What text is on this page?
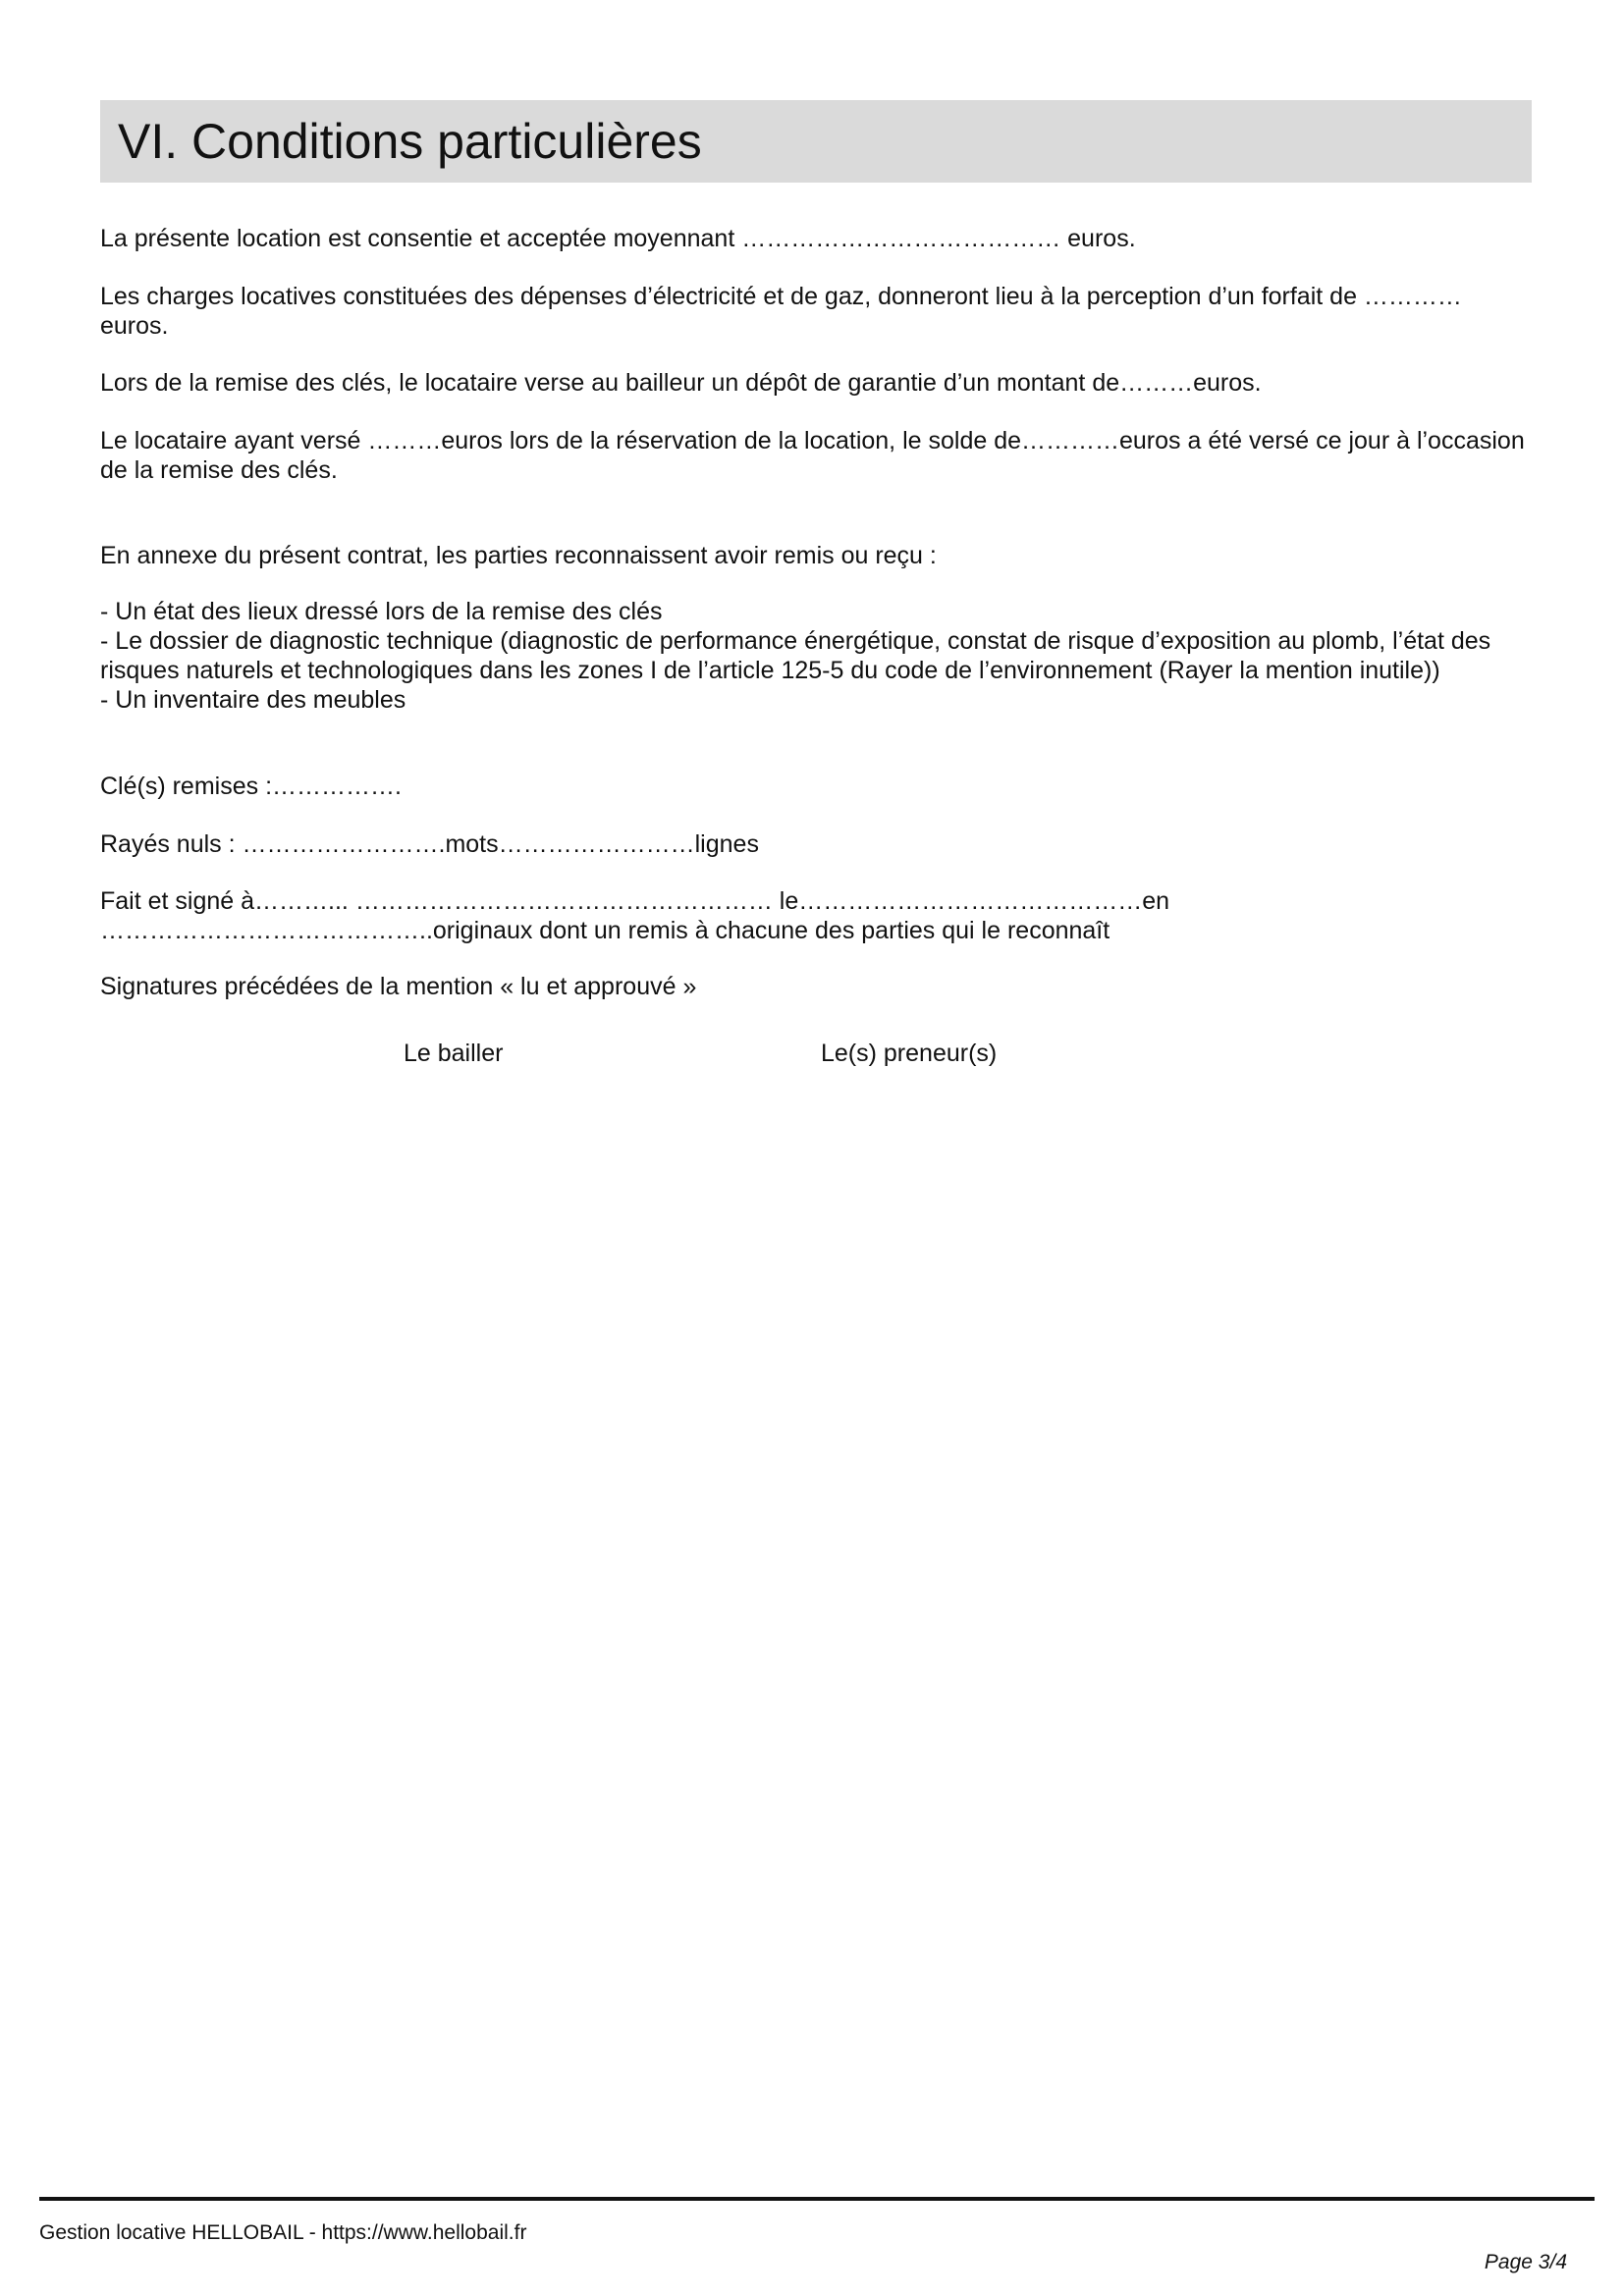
VI. Conditions particulières
La présente location est consentie et acceptée moyennant ………………………………… euros.
Les charges locatives constituées des dépenses d’électricité et de gaz, donneront lieu à la perception d’un forfait de ………… euros.
Lors de la remise des clés, le locataire verse au bailleur un dépôt de garantie d’un montant de………euros.
Le locataire ayant versé ………euros lors de la réservation de la location, le solde de…………euros a été versé ce jour à l’occasion de la remise des clés.
En annexe du présent contrat, les parties reconnaissent avoir remis ou reçu :
- Un état des lieux dressé lors de la remise des clés
- Le dossier de diagnostic technique (diagnostic de performance énergétique, constat de risque d’exposition au plomb, l’état des risques naturels et technologiques dans les zones I de l’article 125-5 du code de l’environnement (Rayer la mention inutile))
- Un inventaire des meubles
Clé(s) remises :…………….
Rayés nuls : …………………….mots……………………lignes
Fait et signé à………... …………………………………………… le……………………………………en …………………………………..originaux dont un remis à chacune des parties qui le reconnaît
Signatures précédées de la mention « lu et approuvé »
Le bailler	Le(s) preneur(s)
Gestion locative HELLOBAIL - https://www.hellobail.fr
Page 3/4
